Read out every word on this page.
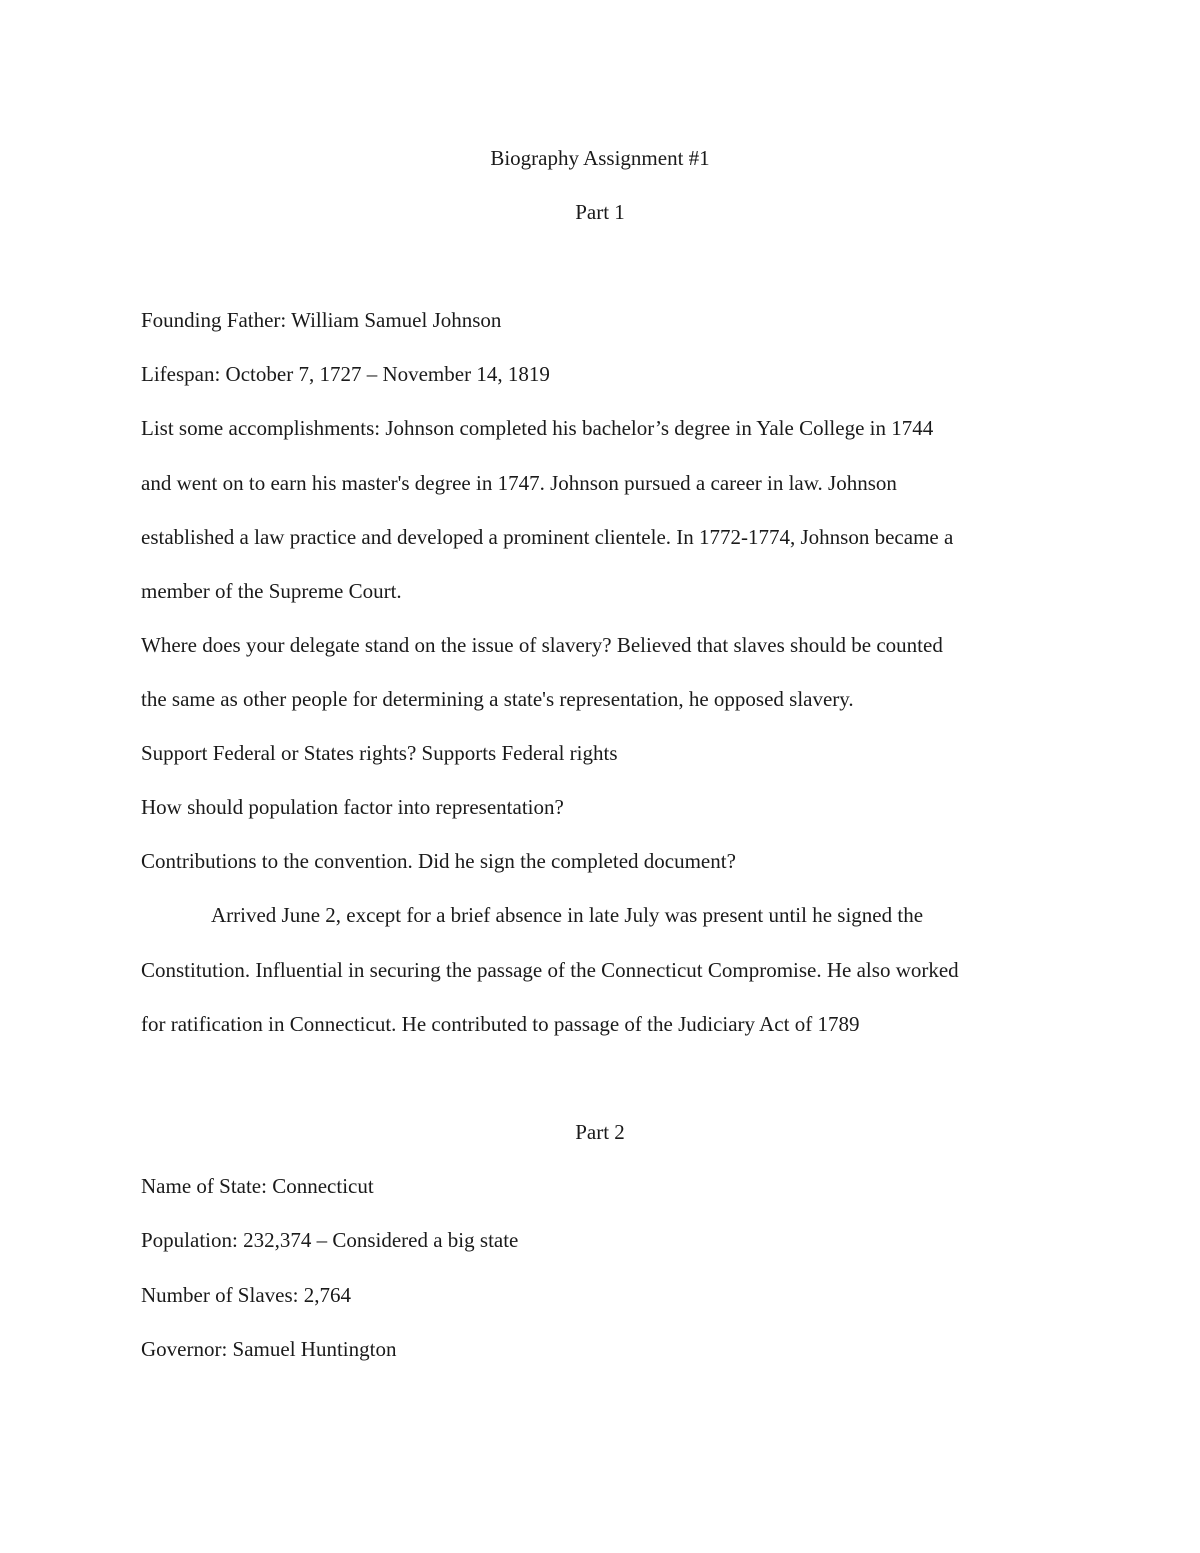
Biography Assignment #1
Part 1
Founding Father: William Samuel Johnson
Lifespan: October 7, 1727 – November 14, 1819
List some accomplishments: Johnson completed his bachelor’s degree in Yale College in 1744
and went on to earn his master's degree in 1747. Johnson pursued a career in law. Johnson
established a law practice and developed a prominent clientele. In 1772-1774, Johnson became a
member of the Supreme Court.
Where does your delegate stand on the issue of slavery? Believed that slaves should be counted
the same as other people for determining a state's representation, he opposed slavery.
Support Federal or States rights? Supports Federal rights
How should population factor into representation?
Contributions to the convention. Did he sign the completed document?
Arrived June 2, except for a brief absence in late July was present until he signed the
Constitution. Influential in securing the passage of the Connecticut Compromise. He also worked
for ratification in Connecticut. He contributed to passage of the Judiciary Act of 1789
Part 2
Name of State: Connecticut
Population: 232,374 – Considered a big state
Number of Slaves: 2,764
Governor: Samuel Huntington
